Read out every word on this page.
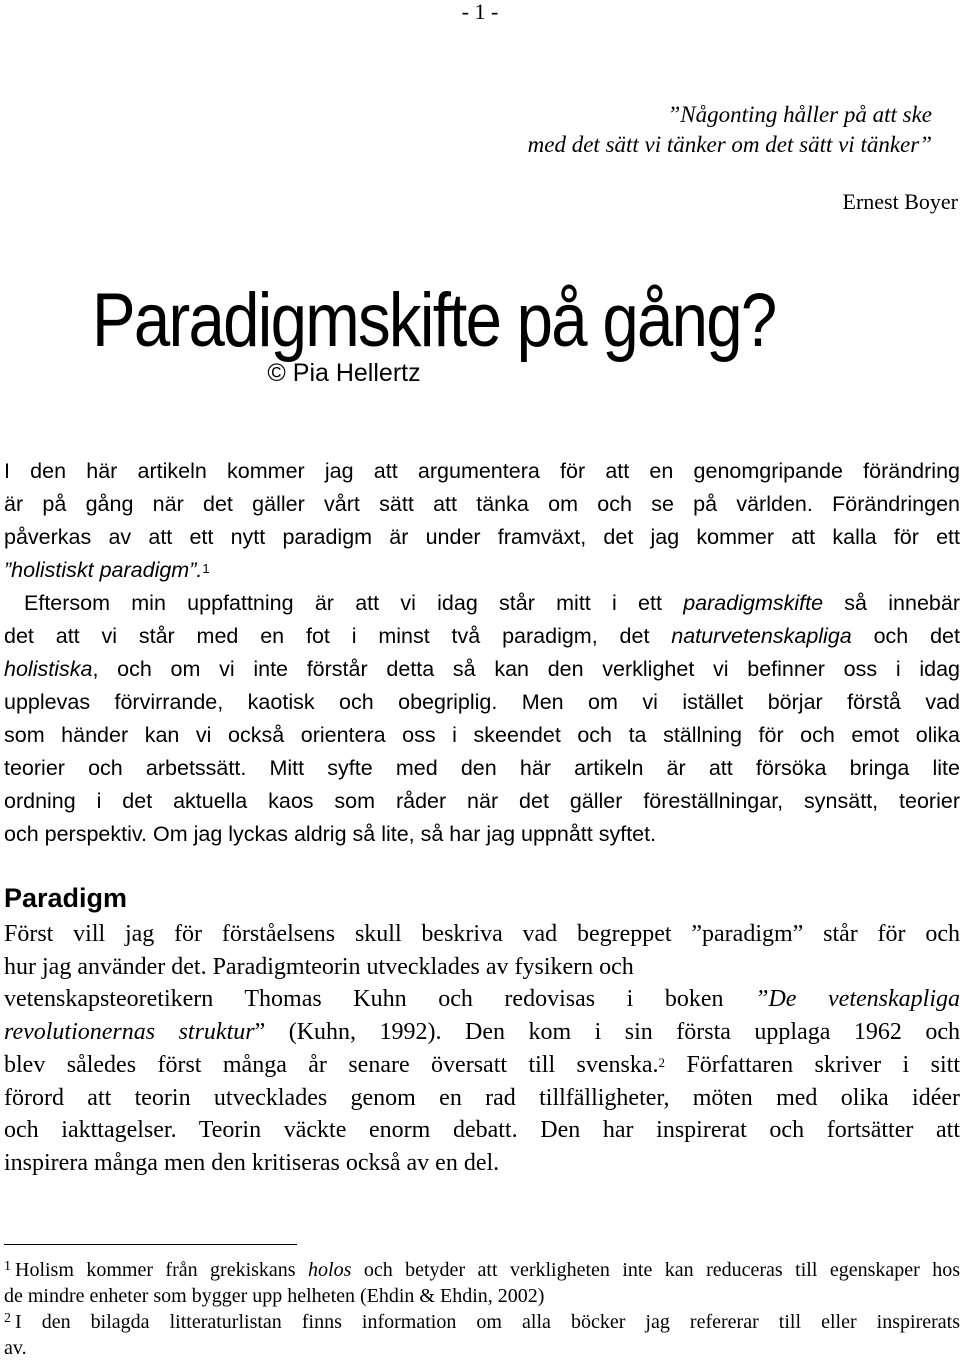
- 1 -
”Någonting håller på att ske
med det sätt vi tänker om det sätt vi tänker”
Ernest Boyer
Paradigmskifte på gång?
© Pia Hellertz
I den här artikeln kommer jag att argumentera för att en genomgripande förändring
är på gång när det gäller vårt sätt att tänka om och se på världen. Förändringen
påverkas av att ett nytt paradigm är under framväxt, det jag kommer att kalla för ett
”holistiskt paradigm”.$^1$
Eftersom min uppfattning är att vi idag står mitt i ett paradigmskifte så innebär
det att vi står med en fot i minst två paradigm, det naturvetenskapliga och det
holistiska, och om vi inte förstår detta så kan den verklighet vi befinner oss i idag
upplevas förvirrande, kaotisk och obegriplig. Men om vi istället börjar förstå vad
som händer kan vi också orientera oss i skeendet och ta ställning för och emot olika
teorier och arbetssätt. Mitt syfte med den här artikeln är att försöka bringa lite
ordning i det aktuella kaos som råder när det gäller föreställningar, synsätt, teorier
och perspektiv. Om jag lyckas aldrig så lite, så har jag uppnått syftet.
Paradigm
Först vill jag för förståelsens skull beskriva vad begreppet ”paradigm” står för och
hur jag använder det. Paradigmteorin utvecklades av fysikern och
vetenskapsteoretikern Thomas Kuhn och redovisas i boken ”De vetenskapliga
revolutionernas struktur” (Kuhn, 1992). Den kom i sin första upplaga 1962 och
blev således först många år senare översatt till svenska.$^2$ Författaren skriver i sitt
förord att teorin utvecklades genom en rad tillfälligheter, möten med olika idéer
och iakttagelser. Teorin väckte enorm debatt. Den har inspirerat och fortsätter att
inspirera många men den kritiseras också av en del.
$^1$ Holism kommer från grekiskans holos och betyder att verkligheten inte kan reduceras till egenskaper hos
de mindre enheter som bygger upp helheten (Ehdin & Ehdin, 2002)
$^2$ I den bilagda litteraturlistan finns information om alla böcker jag refererar till eller inspirerats
av.
